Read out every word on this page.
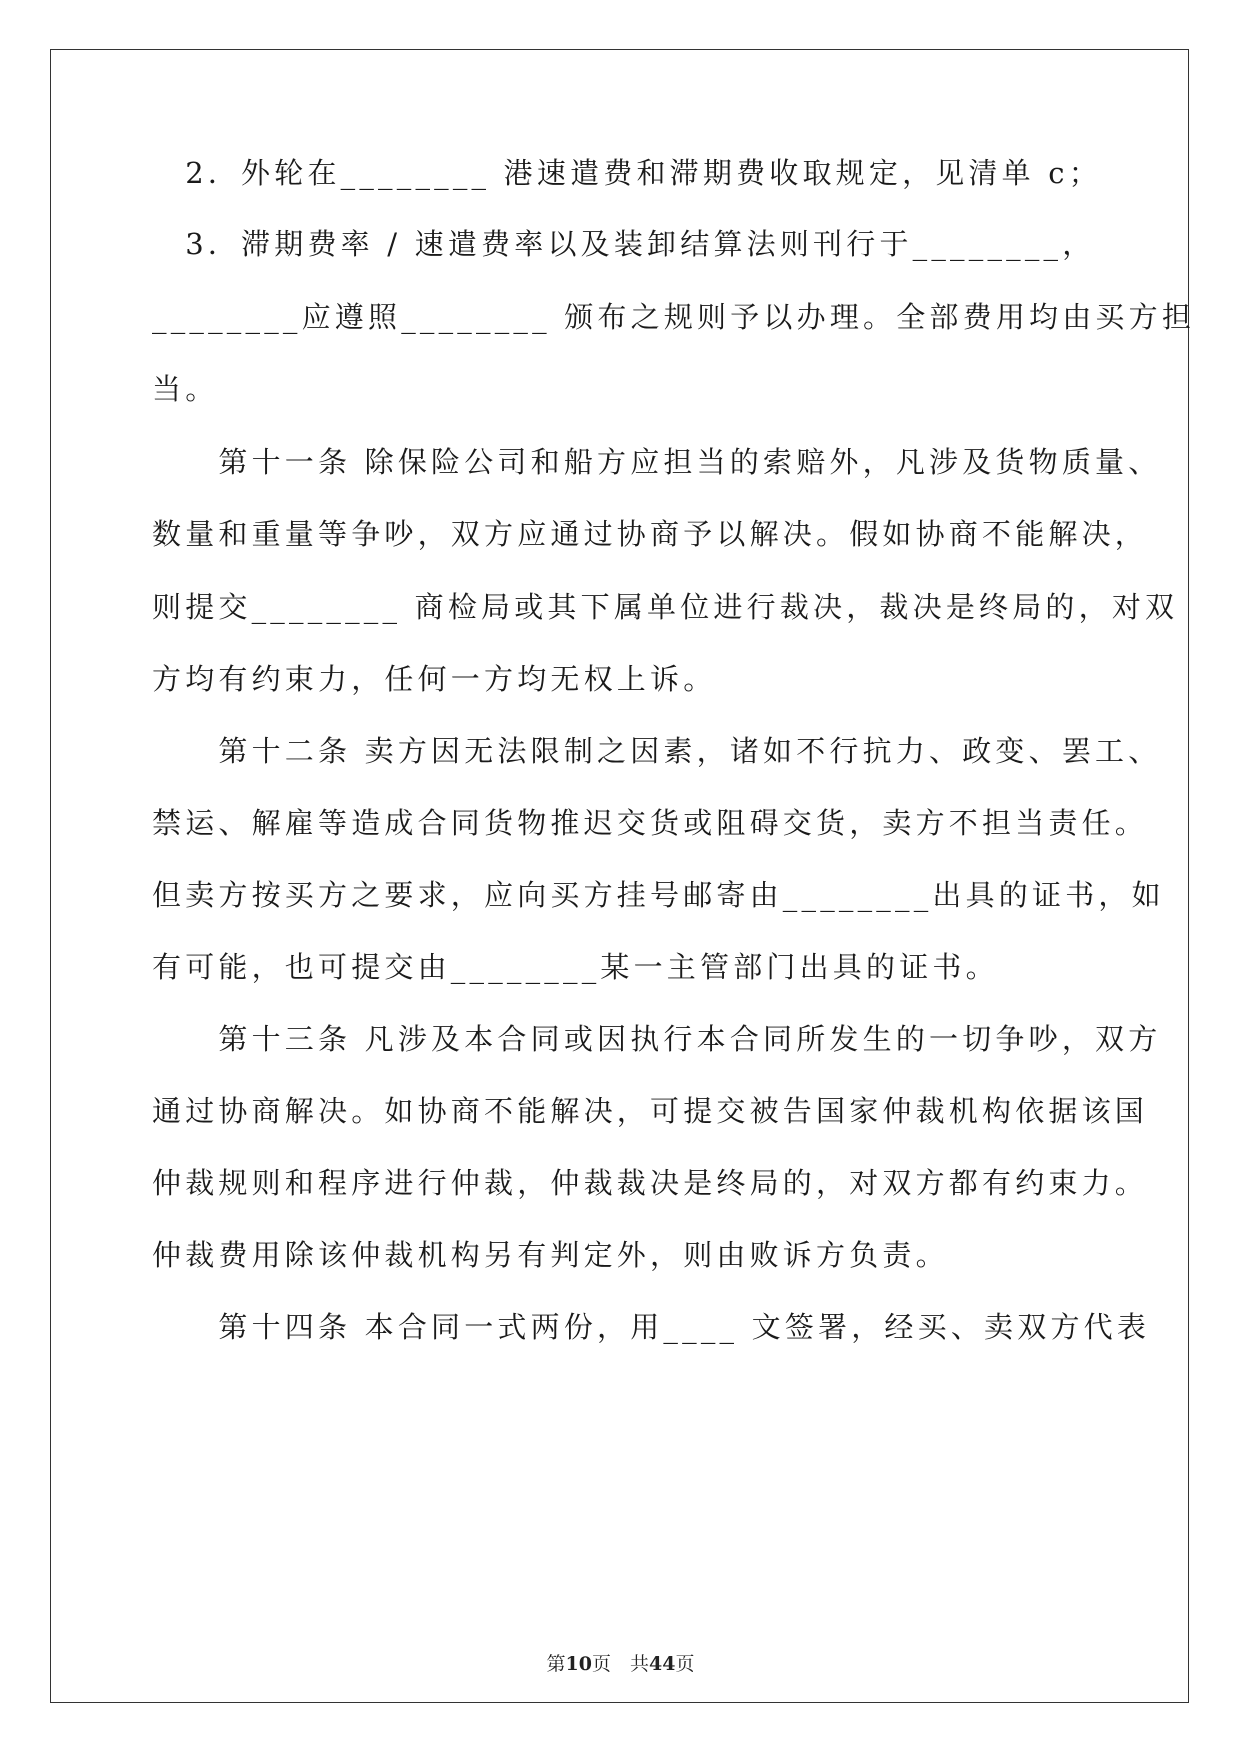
　2．外轮在________ 港速遣费和滞期费收取规定，见清单 c；
　3．滞期费率 / 速遣费率以及装卸结算法则刊行于________，
________应遵照________ 颁布之规则予以办理。全部费用均由买方担
当。
　　第十一条 除保险公司和船方应担当的索赔外，凡涉及货物质量、
数量和重量等争吵，双方应通过协商予以解决。假如协商不能解决，
则提交________ 商检局或其下属单位进行裁决，裁决是终局的，对双
方均有约束力，任何一方均无权上诉。
　　第十二条 卖方因无法限制之因素，诸如不行抗力、政变、罢工、
禁运、解雇等造成合同货物推迟交货或阻碍交货，卖方不担当责任。
但卖方按买方之要求，应向买方挂号邮寄由________出具的证书，如
有可能，也可提交由________某一主管部门出具的证书。
　　第十三条 凡涉及本合同或因执行本合同所发生的一切争吵，双方
通过协商解决。如协商不能解决，可提交被告国家仲裁机构依据该国
仲裁规则和程序进行仲裁，仲裁裁决是终局的，对双方都有约束力。
仲裁费用除该仲裁机构另有判定外，则由败诉方负责。
　　第十四条 本合同一式两份，用____ 文签署，经买、卖双方代表
第10页　 共44页
